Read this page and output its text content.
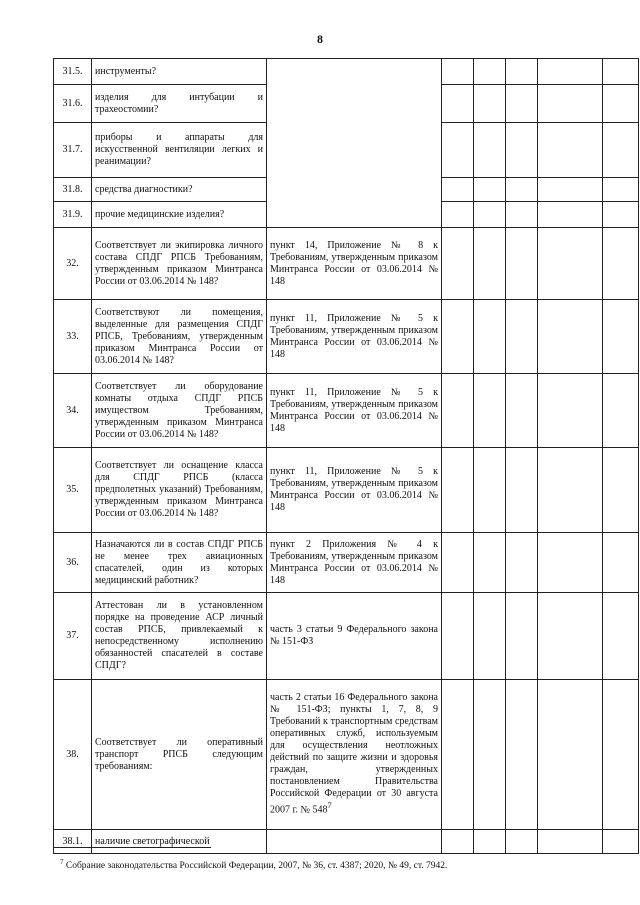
8
31.5.	инструменты?						
31.6.	изделия для интубации и трахеостомии?						
31.7.	приборы и аппараты для искусственной вентиляции легких и реанимации?						
31.8.	средства диагностики?						
31.9.	прочие медицинские изделия?						
32.	Соответствует ли экипировка личного состава СПДГ РПСБ Требованиям, утвержденным приказом Минтранса России от 03.06.2014 № 148?	пункт 14, Приложение № 8 к Требованиям, утвержденным приказом Минтранса России от 03.06.2014 № 148					
33.	Соответствуют ли помещения, выделенные для размещения СПДГ РПСБ, Требованиям, утвержденным приказом Минтранса России от 03.06.2014 № 148?	пункт 11, Приложение № 5 к Требованиям, утвержденным приказом Минтранса России от 03.06.2014 № 148					
34.	Соответствует ли оборудование комнаты отдыха СПДГ РПСБ имуществом Требованиям, утвержденным приказом Минтранса России от 03.06.2014 № 148?	пункт 11, Приложение № 5 к Требованиям, утвержденным приказом Минтранса России от 03.06.2014 № 148					
35.	Соответствует ли оснащение класса для СПДГ РПСБ (класса предполетных указаний) Требованиям, утвержденным приказом Минтранса России от 03.06.2014 № 148?	пункт 11, Приложение № 5 к Требованиям, утвержденным приказом Минтранса России от 03.06.2014 № 148					
36.	Назначаются ли в состав СПДГ РПСБ не менее трех авиационных спасателей, один из которых медицинский работник?	пункт 2 Приложения № 4 к Требованиям, утвержденным приказом Минтранса России от 03.06.2014 № 148					
37.	Аттестован ли в установленном порядке на проведение АСР личный состав РПСБ, привлекаемый к непосредственному исполнению обязанностей спасателей в составе СПДГ?	часть 3 статьи 9 Федерального закона № 151-ФЗ					
38.	Соответствует ли оперативный транспорт РПСБ следующим требованиям:	часть 2 статьи 16 Федерального закона № 151-ФЗ; пункты 1, 7, 8, 9 Требований к транспортным средствам оперативных служб, используемым для осуществления неотложных действий по защите жизни и здоровья граждан, утвержденных постановлением Правительства Российской Федерации от 30 августа 2007 г. № $548^7$					
38.1.	наличие светографической						
$^7$ Собрание законодательства Российской Федерации, 2007, № 36, ст. 4387; 2020, № 49, ст. 7942.
